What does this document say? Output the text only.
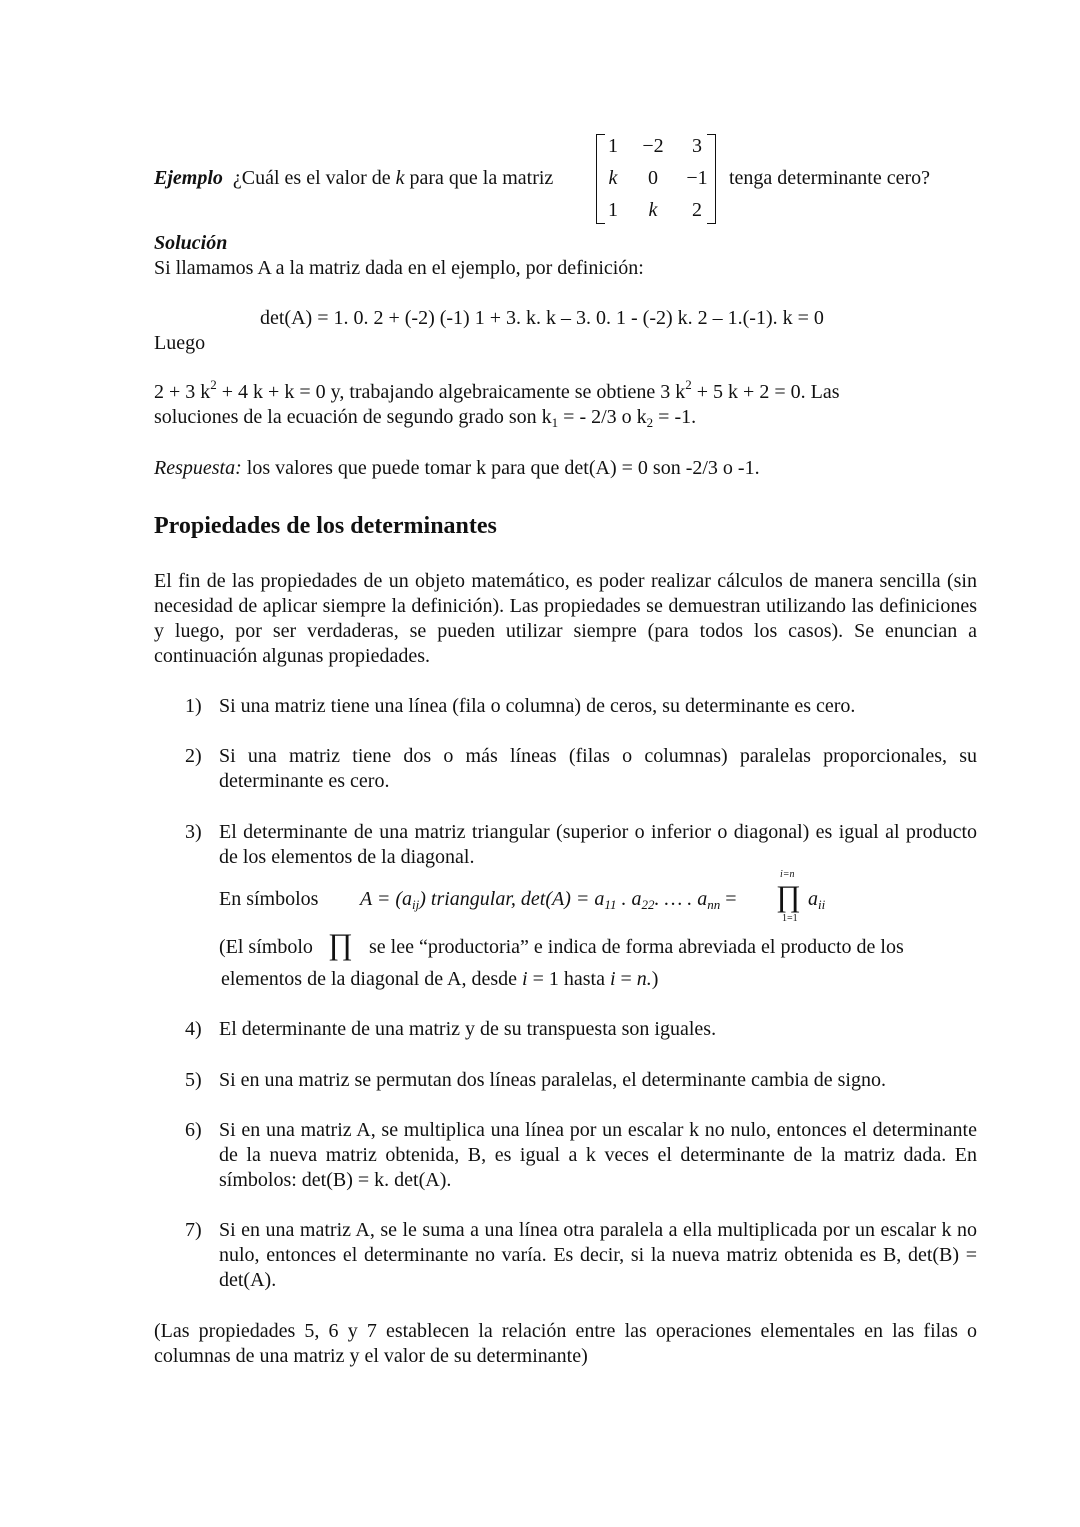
Ejemplo ¿Cuál es el valor de k para que la matriz
1	−2	3
k	0	−1
1	k	2
tenga determinante cero?
Solución
Si llamamos A a la matriz dada en el ejemplo, por definición:
det(A) = 1. 0. 2 + (-2) (-1) 1 + 3. k. k – 3. 0. 1 - (-2) k. 2 – 1.(-1). k = 0
Luego
2 + 3 $k^2 + 4$ k + k = 0 y, trabajando algebraicamente se obtiene 3 $k^2 + 5$ k + 2 = 0. Las
soluciones de la ecuación de segundo grado son $k_1$ = - 2/3 o $k_2 = -1$.
Respuesta: los valores que puede tomar k para que det(A) = 0 son -2/3 o -1.
Propiedades de los determinantes
El fin de las propiedades de un objeto matemático, es poder realizar cálculos de manera sencilla (sin necesidad de aplicar siempre la definición). Las propiedades se demuestran utilizando las definiciones y luego, por ser verdaderas, se pueden utilizar siempre (para todos los casos). Se enuncian a continuación algunas propiedades.
1) Si una matriz tiene una línea (fila o columna) de ceros, su determinante es cero.
2) Si una matriz tiene dos o más líneas (filas o columnas) paralelas proporcionales, su determinante es cero.
3) El determinante de una matriz triangular (superior o inferior o diagonal) es igual al producto de los elementos de la diagonal.
En símbolos $A = (a_{ij})$ triangular, $\det(A) = a_{11}$ . $a_{22}$. … . $a_{nn}$ =
i=n
∏
1=1
$a_{ii}$
(El símbolo ∏ se lee “productoria” e indica de forma abreviada el producto de los
elementos de la diagonal de A, desde i = 1 hasta i = n.)
4) El determinante de una matriz y de su transpuesta son iguales.
5) Si en una matriz se permutan dos líneas paralelas, el determinante cambia de signo.
6) Si en una matriz A, se multiplica una línea por un escalar k no nulo, entonces el determinante de la nueva matriz obtenida, B, es igual a k veces el determinante de la matriz dada. En símbolos: det(B) = k. det(A).
7) Si en una matriz A, se le suma a una línea otra paralela a ella multiplicada por un escalar k no nulo, entonces el determinante no varía. Es decir, si la nueva matriz obtenida es B, det(B) = det(A).
(Las propiedades 5, 6 y 7 establecen la relación entre las operaciones elementales en las filas o columnas de una matriz y el valor de su determinante)
